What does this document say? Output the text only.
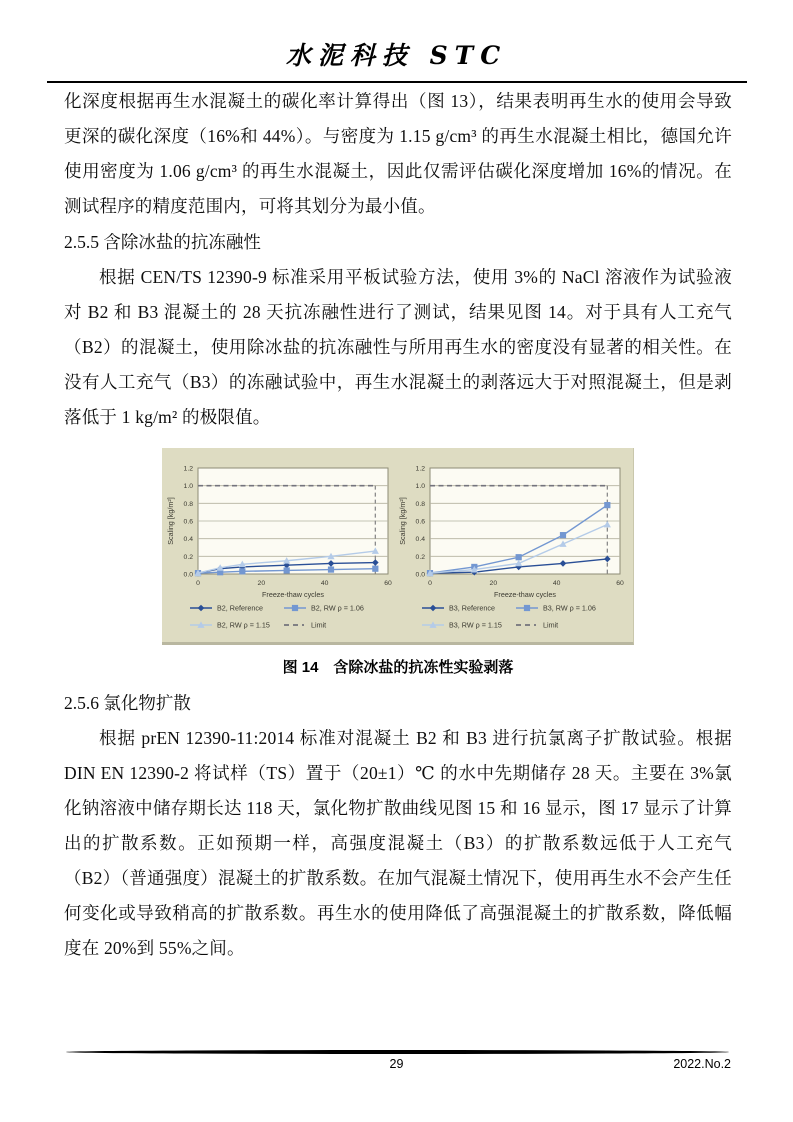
水泥科技 STC

化深度根据再生水混凝土的碳化率计算得出（图 13），结果表明再生水的使用会导致更深的碳化深度（16%和 44%）。与密度为 1.15 g/cm³ 的再生水混凝土相比，德国允许使用密度为 1.06 g/cm³ 的再生水混凝土，因此仅需评估碳化深度增加 16%的情况。在测试程序的精度范围内，可将其划分为最小值。

2.5.5 含除冰盐的抗冻融性

根据 CEN/TS 12390-9 标准采用平板试验方法，使用 3%的 NaCl 溶液作为试验液对 B2 和 B3 混凝土的 28 天抗冻融性进行了测试，结果见图 14。对于具有人工充气（B2）的混凝土，使用除冰盐的抗冻融性与所用再生水的密度没有显著的相关性。在没有人工充气（B3）的冻融试验中，再生水混凝土的剥落远大于对照混凝土，但是剥落低于 1 kg/m² 的极限值。

0.0
0.2
0.4
0.6
0.8
1.0
1.2
0	20	40	60
Freeze-thaw cycles
Scaling [kg/m²]
B2, Reference	B2, RW ρ = 1.06
B2, RW ρ = 1.15	Limit
0.0
0.2
0.4
0.6
0.8
1.0
1.2
0	20	40	60
Freeze-thaw cycles
Scaling [kg/m²]
B3, Reference	B3, RW ρ = 1.06
B3, RW ρ = 1.15	Limit

图 14　含除冰盐的抗冻性实验剥落

2.5.6 氯化物扩散

根据 prEN 12390-11:2014 标准对混凝土 B2 和 B3 进行抗氯离子扩散试验。根据 DIN EN 12390-2 将试样（TS）置于（20±1）℃ 的水中先期储存 28 天。主要在 3%氯化钠溶液中储存期长达 118 天，氯化物扩散曲线见图 15 和 16 显示，图 17 显示了计算出的扩散系数。正如预期一样，高强度混凝土（B3）的扩散系数远低于人工充气（B2）（普通强度）混凝土的扩散系数。在加气混凝土情况下，使用再生水不会产生任何变化或导致稍高的扩散系数。再生水的使用降低了高强混凝土的扩散系数，降低幅度在 20%到 55%之间。

29	2022.No.2
